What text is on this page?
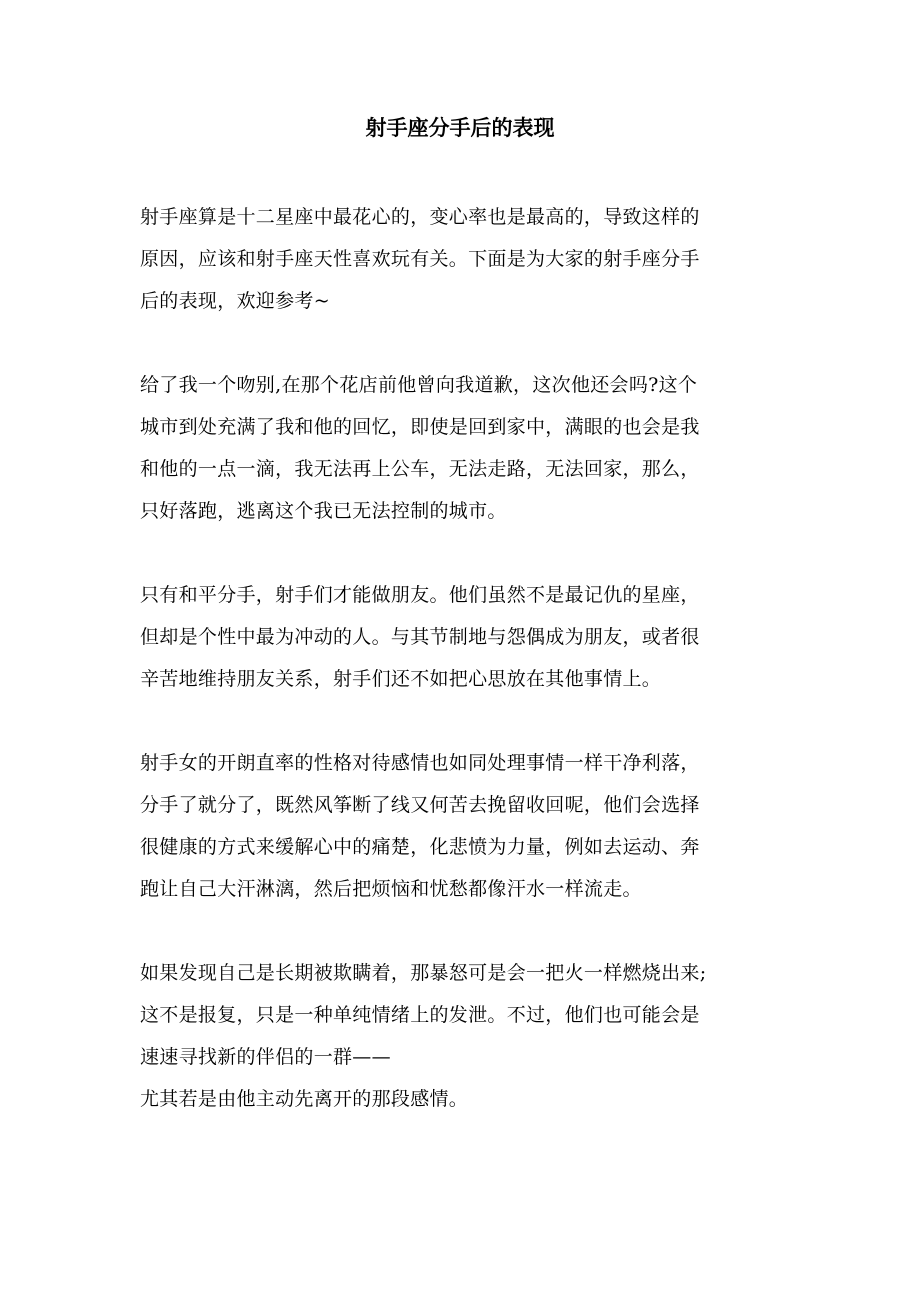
射手座分手后的表现

射手座算是十二星座中最花心的，变心率也是最高的，导致这样的
原因，应该和射手座天性喜欢玩有关。下面是为大家的射手座分手
后的表现，欢迎参考~

给了我一个吻别,在那个花店前他曾向我道歉，这次他还会吗?这个
城市到处充满了我和他的回忆，即使是回到家中，满眼的也会是我
和他的一点一滴，我无法再上公车，无法走路，无法回家，那么，
只好落跑，逃离这个我已无法控制的城市。

只有和平分手，射手们才能做朋友。他们虽然不是最记仇的星座，
但却是个性中最为冲动的人。与其节制地与怨偶成为朋友，或者很
辛苦地维持朋友关系，射手们还不如把心思放在其他事情上。

射手女的开朗直率的性格对待感情也如同处理事情一样干净利落，
分手了就分了，既然风筝断了线又何苦去挽留收回呢，他们会选择
很健康的方式来缓解心中的痛楚，化悲愤为力量，例如去运动、奔
跑让自己大汗淋漓，然后把烦恼和忧愁都像汗水一样流走。

如果发现自己是长期被欺瞒着，那暴怒可是会一把火一样燃烧出来;
这不是报复，只是一种单纯情绪上的发泄。不过，他们也可能会是
速速寻找新的伴侣的一群——
尤其若是由他主动先离开的那段感情。
